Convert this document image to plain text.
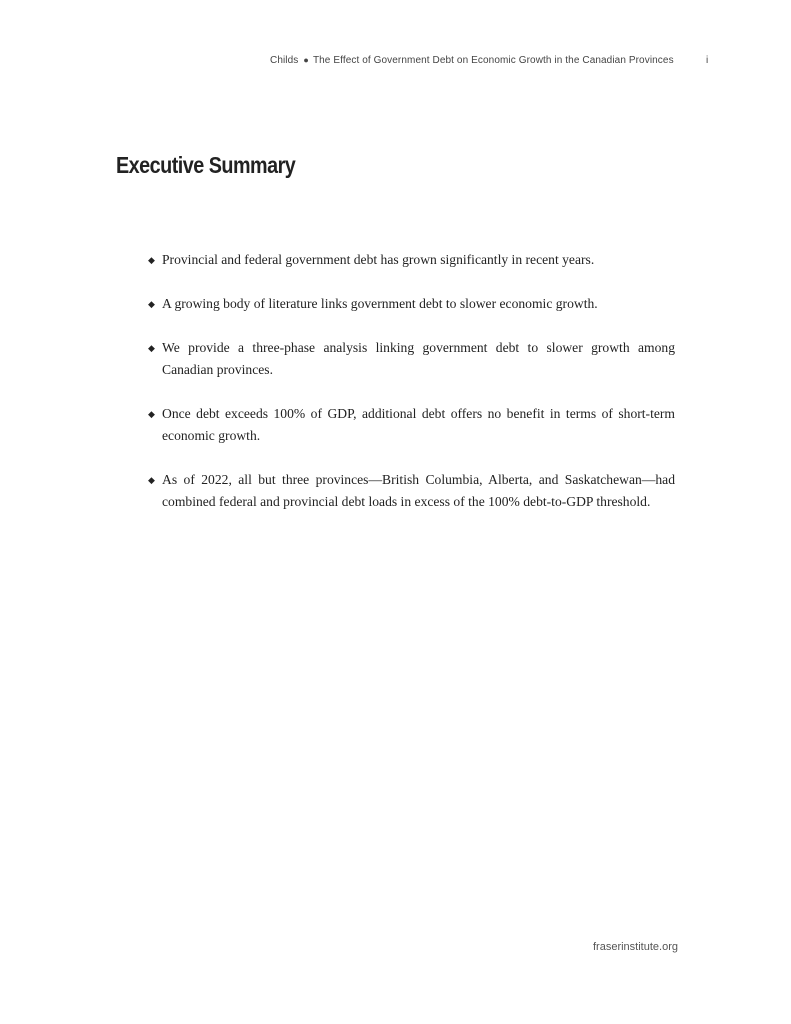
Childs ● The Effect of Government Debt on Economic Growth in the Canadian Provinces	i
Executive Summary
◆ Provincial and federal government debt has grown significantly in recent years.
◆ A growing body of literature links government debt to slower economic growth.
◆ We provide a three-phase analysis linking government debt to slower growth among Canadian provinces.
◆ Once debt exceeds 100% of GDP, additional debt offers no benefit in terms of short-term economic growth.
◆ As of 2022, all but three provinces—British Columbia, Alberta, and Saskatchewan—had combined federal and provincial debt loads in excess of the 100% debt-to-GDP threshold.
fraserinstitute.org
